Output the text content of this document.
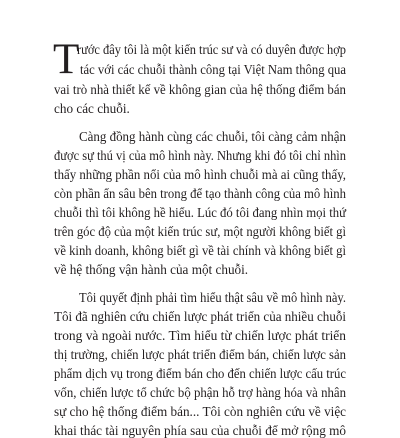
T
rước đây tôi là một kiến trúc sư và có duyên được hợp
tác với các chuỗi thành công tại Việt Nam thông qua
vai trò nhà thiết kế về không gian của hệ thống điểm bán
cho các chuỗi.
Càng đồng hành cùng các chuỗi, tôi càng cảm nhận
được sự thú vị của mô hình này. Nhưng khi đó tôi chỉ nhìn
thấy những phần nổi của mô hình chuỗi mà ai cũng thấy,
còn phần ẩn sâu bên trong để tạo thành công của mô hình
chuỗi thì tôi không hề hiểu. Lúc đó tôi đang nhìn mọi thứ
trên góc độ của một kiến trúc sư, một người không biết gì
về kinh doanh, không biết gì về tài chính và không biết gì
về hệ thống vận hành của một chuỗi.
Tôi quyết định phải tìm hiểu thật sâu về mô hình này.
Tôi đã nghiên cứu chiến lược phát triển của nhiều chuỗi
trong và ngoài nước. Tìm hiểu từ chiến lược phát triển
thị trường, chiến lược phát triển điểm bán, chiến lược sản
phẩm dịch vụ trong điểm bán cho đến chiến lược cấu trúc
vốn, chiến lược tổ chức bộ phận hỗ trợ hàng hóa và nhân
sự cho hệ thống điểm bán... Tôi còn nghiên cứu về việc
khai thác tài nguyên phía sau của chuỗi để mở rộng mô
